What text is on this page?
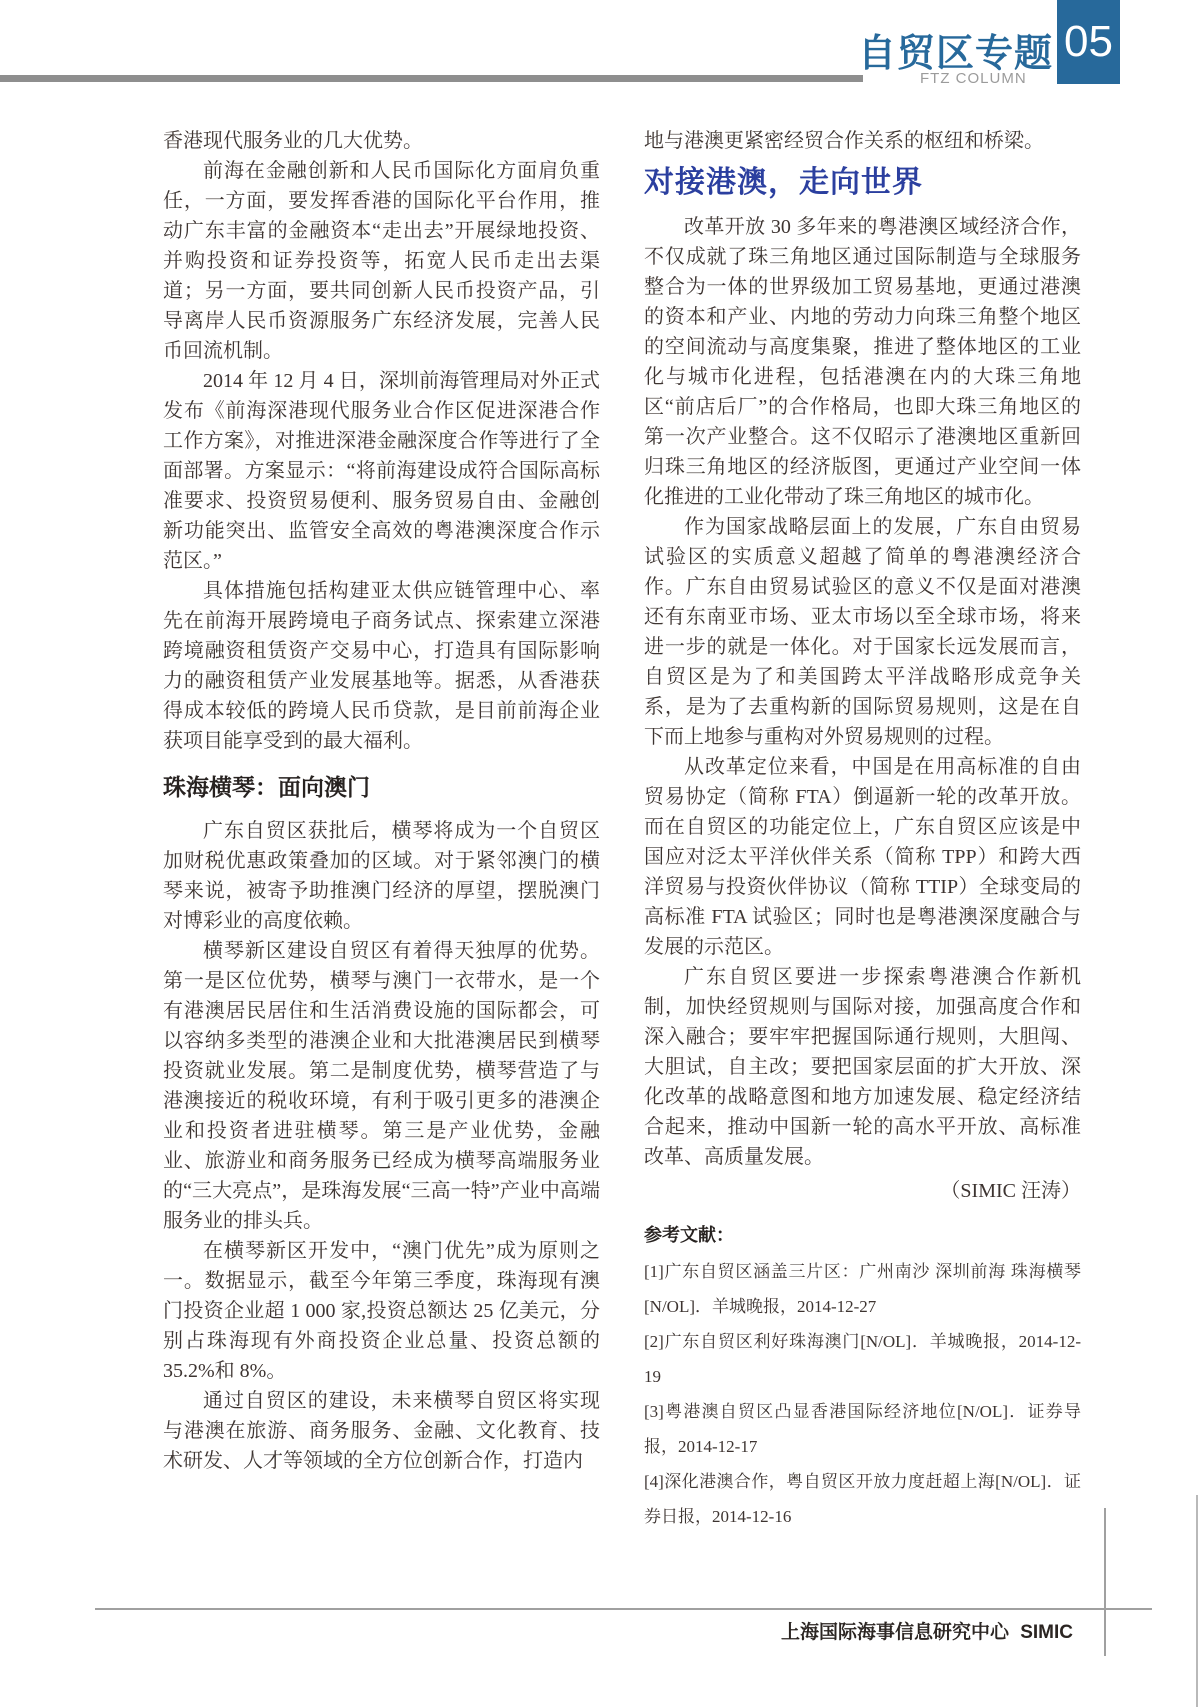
自贸区专题
FTZ COLUMN
05

香港现代服务业的几大优势。

前海在金融创新和人民币国际化方面肩负重任，一方面，要发挥香港的国际化平台作用，推动广东丰富的金融资本“走出去”开展绿地投资、并购投资和证券投资等，拓宽人民币走出去渠道；另一方面，要共同创新人民币投资产品，引导离岸人民币资源服务广东经济发展，完善人民币回流机制。

2014 年 12 月 4 日，深圳前海管理局对外正式发布《前海深港现代服务业合作区促进深港合作工作方案》，对推进深港金融深度合作等进行了全面部署。方案显示：“将前海建设成符合国际高标准要求、投资贸易便利、服务贸易自由、金融创新功能突出、监管安全高效的粤港澳深度合作示范区。”

具体措施包括构建亚太供应链管理中心、率先在前海开展跨境电子商务试点、探索建立深港跨境融资租赁资产交易中心，打造具有国际影响力的融资租赁产业发展基地等。据悉，从香港获得成本较低的跨境人民币贷款，是目前前海企业获项目能享受到的最大福利。

珠海横琴：面向澳门

广东自贸区获批后，横琴将成为一个自贸区加财税优惠政策叠加的区域。对于紧邻澳门的横琴来说，被寄予助推澳门经济的厚望，摆脱澳门对博彩业的高度依赖。

横琴新区建设自贸区有着得天独厚的优势。第一是区位优势，横琴与澳门一衣带水，是一个有港澳居民居住和生活消费设施的国际都会，可以容纳多类型的港澳企业和大批港澳居民到横琴投资就业发展。第二是制度优势，横琴营造了与港澳接近的税收环境，有利于吸引更多的港澳企业和投资者进驻横琴。第三是产业优势，金融业、旅游业和商务服务已经成为横琴高端服务业的“三大亮点”，是珠海发展“三高一特”产业中高端服务业的排头兵。

在横琴新区开发中，“澳门优先”成为原则之一。数据显示，截至今年第三季度，珠海现有澳门投资企业超 1 000 家,投资总额达 25 亿美元，分别占珠海现有外商投资企业总量、投资总额的 35.2%和 8%。

通过自贸区的建设，未来横琴自贸区将实现与港澳在旅游、商务服务、金融、文化教育、技术研发、人才等领域的全方位创新合作，打造内

地与港澳更紧密经贸合作关系的枢纽和桥梁。

对接港澳，走向世界

改革开放 30 多年来的粤港澳区域经济合作，不仅成就了珠三角地区通过国际制造与全球服务整合为一体的世界级加工贸易基地，更通过港澳的资本和产业、内地的劳动力向珠三角整个地区的空间流动与高度集聚，推进了整体地区的工业化与城市化进程，包括港澳在内的大珠三角地区“前店后厂”的合作格局，也即大珠三角地区的第一次产业整合。这不仅昭示了港澳地区重新回归珠三角地区的经济版图，更通过产业空间一体化推进的工业化带动了珠三角地区的城市化。

作为国家战略层面上的发展，广东自由贸易试验区的实质意义超越了简单的粤港澳经济合作。广东自由贸易试验区的意义不仅是面对港澳还有东南亚市场、亚太市场以至全球市场，将来进一步的就是一体化。对于国家长远发展而言，自贸区是为了和美国跨太平洋战略形成竞争关系，是为了去重构新的国际贸易规则，这是在自下而上地参与重构对外贸易规则的过程。

从改革定位来看，中国是在用高标准的自由贸易协定（简称 FTA）倒逼新一轮的改革开放。而在自贸区的功能定位上，广东自贸区应该是中国应对泛太平洋伙伴关系（简称 TPP）和跨大西洋贸易与投资伙伴协议（简称 TTIP）全球变局的高标准 FTA 试验区；同时也是粤港澳深度融合与发展的示范区。

广东自贸区要进一步探索粤港澳合作新机制，加快经贸规则与国际对接，加强高度合作和深入融合；要牢牢把握国际通行规则，大胆闯、大胆试，自主改；要把国家层面的扩大开放、深化改革的战略意图和地方加速发展、稳定经济结合起来，推动中国新一轮的高水平开放、高标准改革、高质量发展。

（SIMIC 汪涛）

参考文献：

[1]广东自贸区涵盖三片区：广州南沙 深圳前海 珠海横琴[N/OL]．羊城晚报，2014-12-27

[2]广东自贸区利好珠海澳门[N/OL]．羊城晚报，2014-12-19

[3]粤港澳自贸区凸显香港国际经济地位[N/OL]．证券导报，2014-12-17

[4]深化港澳合作，粤自贸区开放力度赶超上海[N/OL]．证券日报，2014-12-16

上海国际海事信息研究中心 SIMIC
